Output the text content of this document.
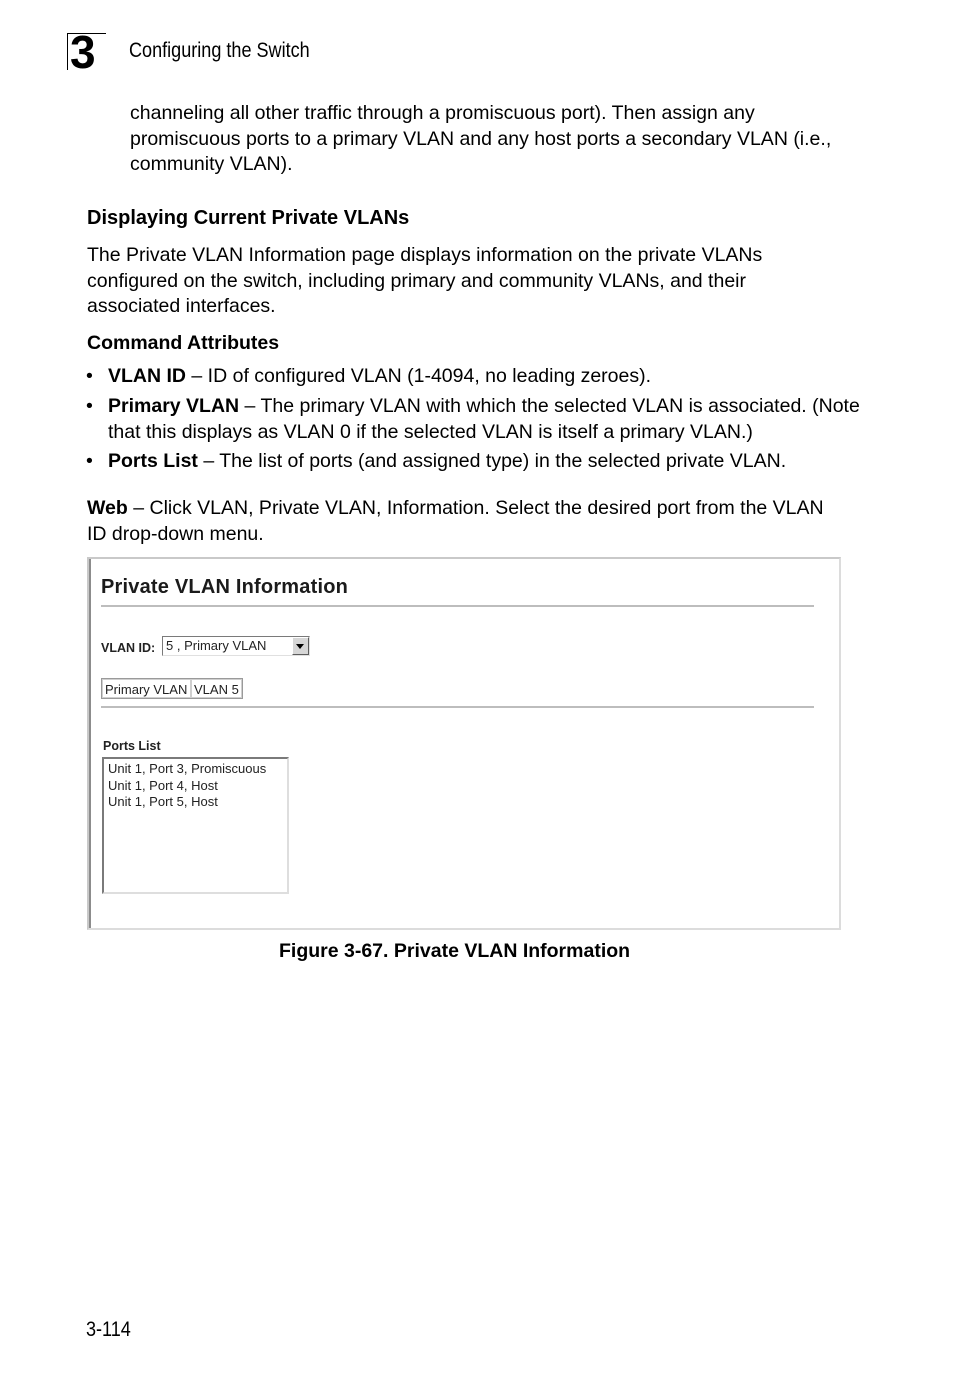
3 Configuring the Switch
channeling all other traffic through a promiscuous port). Then assign any promiscuous ports to a primary VLAN and any host ports a secondary VLAN (i.e., community VLAN).
Displaying Current Private VLANs
The Private VLAN Information page displays information on the private VLANs configured on the switch, including primary and community VLANs, and their associated interfaces.
Command Attributes
• VLAN ID – ID of configured VLAN (1-4094, no leading zeroes).
• Primary VLAN – The primary VLAN with which the selected VLAN is associated. (Note that this displays as VLAN 0 if the selected VLAN is itself a primary VLAN.)
• Ports List – The list of ports (and assigned type) in the selected private VLAN.
Web – Click VLAN, Private VLAN, Information. Select the desired port from the VLAN ID drop-down menu.
Private VLAN Information
VLAN ID: 5 , Primary VLAN
Primary VLAN VLAN 5
Ports List
Unit 1, Port 3, Promiscuous
Unit 1, Port 4, Host
Unit 1, Port 5, Host
Figure 3-67. Private VLAN Information
3-114
